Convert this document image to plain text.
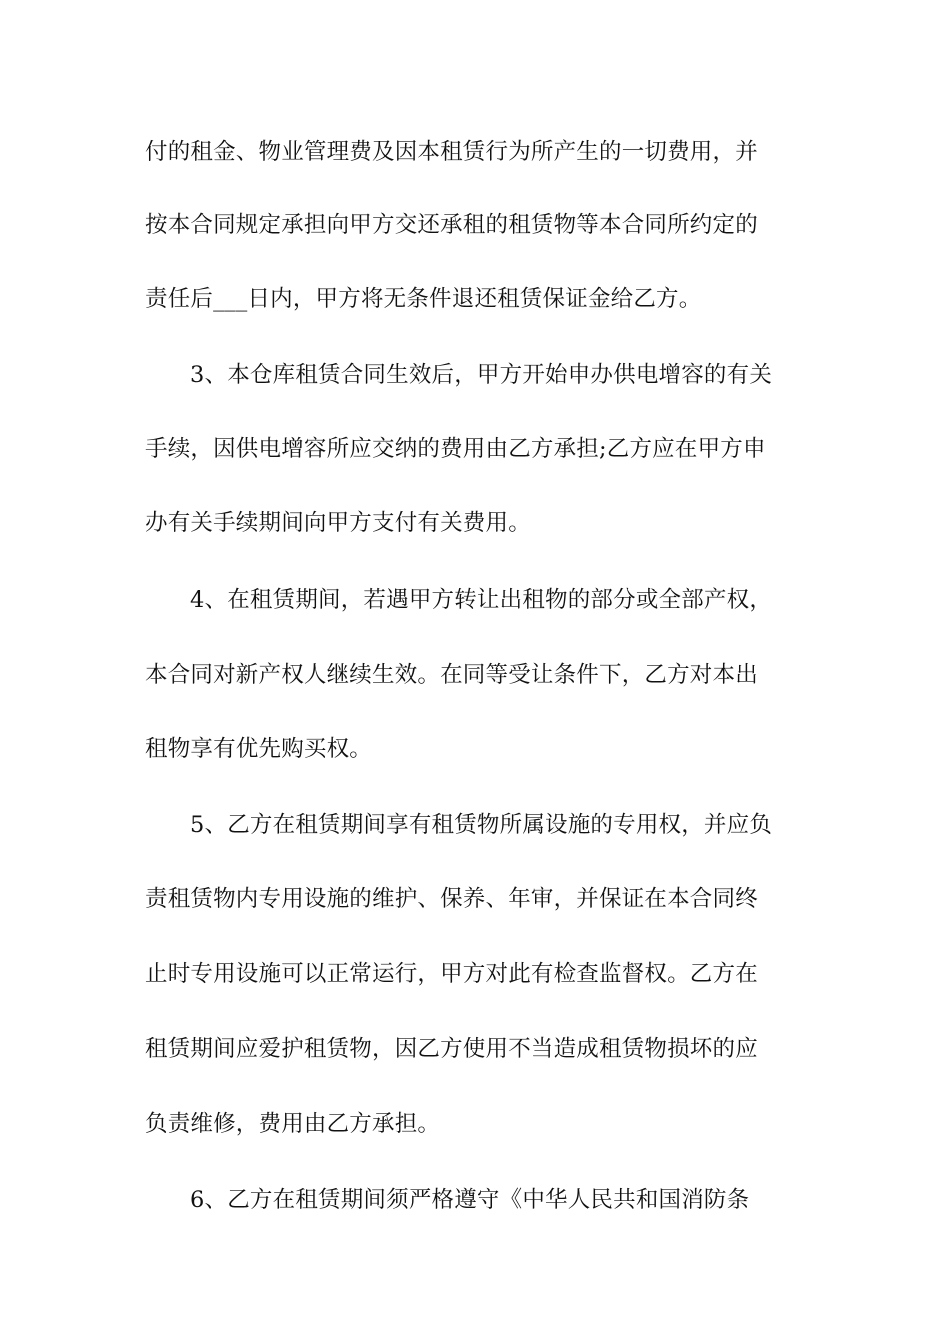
付的租金、物业管理费及因本租赁行为所产生的一切费用，并
按本合同规定承担向甲方交还承租的租赁物等本合同所约定的
责任后___日内，甲方将无条件退还租赁保证金给乙方。
3、本仓库租赁合同生效后，甲方开始申办供电增容的有关
手续，因供电增容所应交纳的费用由乙方承担;乙方应在甲方申
办有关手续期间向甲方支付有关费用。
4、在租赁期间，若遇甲方转让出租物的部分或全部产权，
本合同对新产权人继续生效。在同等受让条件下，乙方对本出
租物享有优先购买权。
5、乙方在租赁期间享有租赁物所属设施的专用权，并应负
责租赁物内专用设施的维护、保养、年审，并保证在本合同终
止时专用设施可以正常运行，甲方对此有检查监督权。乙方在
租赁期间应爱护租赁物，因乙方使用不当造成租赁物损坏的应
负责维修，费用由乙方承担。
6、乙方在租赁期间须严格遵守《中华人民共和国消防条
